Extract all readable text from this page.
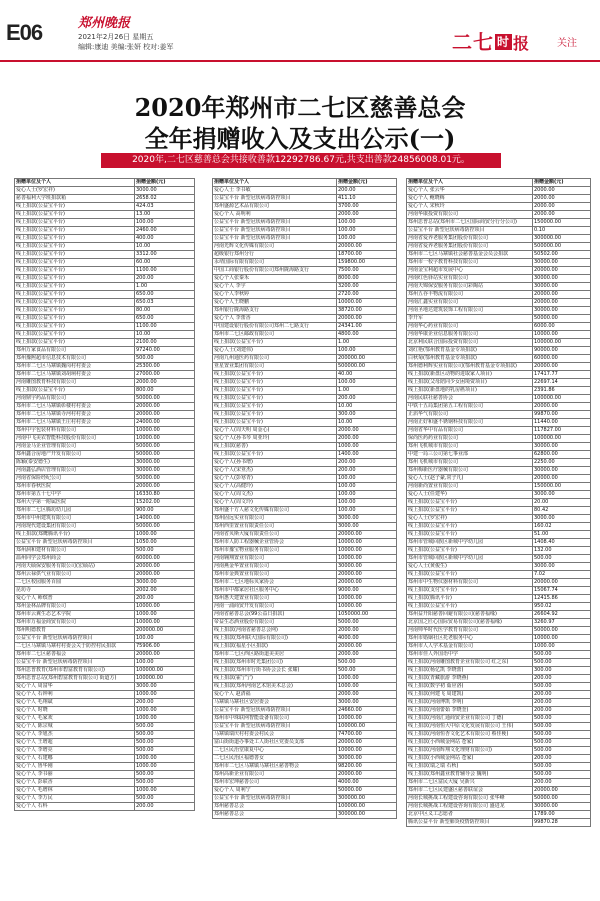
E06	郑州晚报
2021年2月26日 星期五
编辑:康迪 美编:张妍 校对:姜军	二七 时 报	关注
2020年郑州市二七区慈善总会
全年捐赠收入及支出公示(一)
2020年,二七区慈善总会共接收善款12292786.67元,共支出善款24856008.01元。
捐赠单位及个人	捐赠金额(元)
爱心人士(罗宏祥)	3000.00
慈善福利大学班捐款箱	2658.02
线上捐款(公益宝平台)	424.03
线上捐款(公益宝平台)	13.00
线上捐款(公益宝平台)	100.00
线上捐款(公益宝平台)	2460.00
线上捐款(公益宝平台)	400.00
线上捐款(公益宝平台)	10.00
线上捐款(公益宝平台)	3312.00
线上捐款(公益宝平台)	60.00
线上捐款(公益宝平台)	1100.00
线上捐款(公益宝平台)	200.00
线上捐款(公益宝平台)	1.00
线上捐款(公益宝平台)	650.00
线上捐款(公益宝平台)	650.03
线上捐款(公益宝平台)	80.00
线上捐款(公益宝平台)	650.00
线上捐款(公益宝平台)	1100.00
线上捐款(公益宝平台)	10.00
线上捐款(公益宝平台)	2100.00
郑州万家食品有限公司	97240.00
郑州豫熙超市信息技术有限公司	500.00
郑州市二七区马寨镇魏岗村村委会	25300.00
郑州市二七区马寨镇刘胡垌村委会	27000.00
河南雕图教育科技有限公司	2000.00
线上捐款(公益宝平台)	800.00
河南鼎宇药品有限公司	50000.00
郑州市二七区马寨镇彰楼村村委会	20000.00
郑州市二七区马寨镇寺河村村委会	20000.00
郑州市二七区马寨镇王庄村村委会	24000.00
郑州中宇包装材料有限公司	10000.00
河南中飞美农智能科技股份有限公司	10000.00
河南金马企业管理有限公司	50000.00
郑州鑫合房地产开发有限公司	50000.00
陈颖(泰安德生)	30000.00
河南鑫弘酒店管理有限公司	30000.00
河南省保险经纪公司	50000.00
郑州市春秋医院	20000.00
郑州市第五十七中学	16330.80
郑州大学第一附属医院	15202.00
郑州市二七区腾坊幼儿园	900.00
郑州市中州建筑有限公司	14000.00
河南现代建设集团有限公司	50000.00
线上捐款(郑鹰腾讯平台)	1000.00
公益宝平台 新型冠状病毒防控项目	1050.00
郑州洞和建材有限公司	500.00
温州同学会郑州商会	60000.00
河南天硕保安服务有限公司(宏硕站)	20000.00
郑州云禄供气业有限公司	20000.00
二七区校园服务百圆	3000.00
昆坊寺	2002.00
爱心个人 师缤普	200.00
郑州金林品牌有限公司	10000.00
郑州市云翼生态艺术学院	1000.00
郑州市万福金商贸有限公司	10000.00
郑州明德教育	200000.00
公益宝平台 新型冠状病毒防控项目	100.00
二七区马寨镇马寨村村委会关于防控村民捐款	75906.00
郑州市二七区慈善福会	20000.00
公益宝平台 新型冠状病毒防控项目	100.00
郑州思普教育(郑州市碧富教育有限公司)	100000.00
郑州思普总站(郑州碧富教育有限公司 街道方)	100000.00
爱心个人 周富华	3000.00
爱心个人 石钟利	1000.00
爱心个人 毛翔斌	200.00
爱心个人 时晓	1000.00
爱心个人 毛家欢	1000.00
爱心个人 陈宗城	500.00
爱心个人 李旭杰	500.00
爱心个人 王增超	500.00
爱心个人 李增亮	500.00
爱心个人 石建娜	1000.00
爱心个人 鲁华刚	1000.00
爱心个人 李书丽	500.00
爱心个人 彭联香	500.00
爱心个人 毛增林	1000.00
爱心个人 李万民	500.00
爱心个人 石科	200.00
捐赠单位及个人	捐赠金额(元)
爱心人士 李书敏	200.00
公益宝平台 新型冠状病毒防控项目	411.10
郑州盛源艺术品有限公司	3700.00
爱心个人 高明利	2000.00
公益宝平台 新型冠状病毒防控项目	100.00
公益宝平台 新型冠状病毒防控项目	100.00
公益宝平台 新型冠状病毒防控项目	100.00
河南光辉文化传媒有限公司	20000.00
超级银行郑州分行	18700.00
永靖国际有限有限公司	159800.00
中国工商银行股份有限公司郑州陇海路支行	7500.00
爱心个人张秦禾	8000.00
爱心个人 李宇	3200.00
爱心个人李秋婷	2720.00
爱心个人王晓鹏	10000.00
郑州银行陇海路支行	38720.00
爱心个人 李蕾香	20000.00
中国建设银行股份有限公司郑州二七路支行	24341.00
郑州市二七区邮政有限公司	4800.00
线上捐款(公益宝平台)	1.00
爱心人士(刘建伟)	100.00
河南九州通医药有限公司	200000.00
亚星置业集团有限公司	500000.00
线上捐款(公益宝平台)	40.00
线上捐款(公益宝平台)	100.00
线上捐款(公益宝平台)	1.00
线上捐款(公益宝平台)	200.00
线上捐款(公益宝平台)	10.00
线上捐款(公益宝平台)	300.00
线上捐款(公益宝平台)	10.00
爱心个人(周天明 周金心)	2000.00
爱心个人(孙书琴 周亚玲)	2000.00
线上捐款(慈善)	1000.00
线上捐款(公益宝平台)	1400.00
爱心个人(孙书增)	200.00
爱心个人(宋亚杰)	200.00
爱心个人(彭寒青)	100.00
爱心个人(高健玲)	100.00
爱心个人(周文杰)	100.00
爱心个人(周文玲)	100.00
郑州盛十方人慈文化传媒有限公司	100.00
郑州固远实业有限公司	3000.00
郑州西里置业有限责任公司	3000.00
河南省贝斯大厦有限责任公司	20000.00
郑州市人防工程器械企业管协会	10000.00
郑州市豫宝物业服务有限公司	10000.00
河南翱翔置业有限公司	10000.00
河南燕金华置业有限公司	30000.00
郑州市金典置业有限公司	20000.00
郑州市二七区地标贝家协会	20000.00
郑州市中都家居社区服务中心	9000.00
郑州惠天建置业有限公司	10000.00
河南一浦商贸开发有限公司	10000.00
河南省慈善总会(99公益日捐款)	1050000.00
帝益生态酒业股份有限公司	5000.00
线上捐款(河南省慈善总会网)	2000.00
线上捐款(郑州联大国际有限公司)	4000.00
线上捐款(福星小区捐款)	20000.00
郑州市二七区西区路街道美美居	2000.00
线上捐款(郑州市时光集团公司)	500.00
线上捐款(郑州市行街书协会会长 张耀)	500.00
线上捐款(霍宁宁)	1000.00
线上捐款(郑州河南艺术馆美术总会)	1000.00
爱心个人 赵清福	2000.00
马寨镇马寨社区安居委会	3000.00
公益宝平台 新型冠状病毒防控项目	24660.00
郑州市中珠联网智能设备有限公司	10000.00
公益宝平台 新型冠状病毒防控项目	100000.00
马寨镇瑞庆村村委会村民会	74700.00
富山街街道办事处工人街社区党委员支部	20000.00
二七区民治堂康复中心	10000.00
二七区民治区福德善女	30000.00
郑州市二七区马寨镇马寨社区慈善物会	98200.00
郑州高新企业有限公司	20000.00
郑州市宏坤慈善公司	4000.00
爱心个人 周利宁	50000.00
公益宝平台 新型冠状病毒防控项目	300000.00
郑州慈善总会	100000.00
郑州慈善总会	300000.00
捐赠单位及个人	捐赠金额(元)
爱心个人 张云华	2000.00
爱心个人 鲍晓梅	2000.00
爱心个人 宋秋玲	2000.00
河南华康投资有限公司	2000.00
郑州思普总站(郑州市二七区国际商贸分行分公司)	150000.00
公益宝平台 新型冠状病毒防控项目	0.10
河南省爱养老服务集团股份有限公司	300000.00
河南省爱养老服务集团股份有限公司	500000.00
郑州市二七区马寨镇社会慈善基金会员会捐款	50502.00
郑州市一校字教育科技有限公司	30000.00
河南金宝利超市发展中心	20000.00
河南红色驿站实业有限公司	30000.00
河南天锦保安服务有限公司彩陶站	30000.00
郑州五谷丰物流有限公司	20000.00
河南汇鑫实业有限公司	20000.00
河南圣地达建筑装饰工程有限公司	30000.00
李开军	50000.00
河南华心药业有限公司	6000.00
河南华康企业信息服务有限公司	10000.00
北京利民联合国际投资有限公司	100000.00
刘红艳(鄂州教育基金专项捐款)	90000.00
白秋菊(鄂州教育基金专项捐款)	60000.00
郑州德利辉实业有限公司(鄂州教育基金专项捐款)	20000.00
线上捐款(新盘区动物的进取家人项目)	17417.77
线上捐款(父母陪同少女困境资项目)	22697.14
线上捐款(新盘地的乳房癌项目)	2391.86
河南民联社慈善协会	100000.00
中铁十五局集团第五工程有限公司	20000.00
正滔华气有限公司	99870.00
河南正好和盛不锈钢科技有限公司	11440.00
河南省华中有品有限公司	117827.00
保尚医药药业有限公司	100000.00
郑州飞机城市有限公司	30000.00
中建一局三公司第七事业部	62800.00
郑州飞机城市有限公司	2250.00
郑州梅新医疗器械有限公司	30000.00
爱心人士(赵子豪,常子凡)	20000.00
河南新尚置业有限公司	150000.00
爱心人士(任建华)	3000.00
线上捐款(公益宝平台)	20.00
线上捐款(公益宝平台)	80.42
爱心人士(罗宏祥)	3000.00
线上捐款(公益宝平台)	160.02
线上捐款(公益宝平台)	51.00
郑州市管城回族区新城中学幼儿园	1408.40
线上捐款(公益宝平台)	132.00
郑州市管城回族区新城中学幼儿园	500.00
爱心人士(黄俊生)	3000.00
线上捐款(公益宝平台)	7.02
郑州市中生物仪器材料有限公司	20000.00
线上捐款(支付宝平台)	15067.74
线上捐款(腾讯平台)	12415.86
线上捐款(公益宝平台)	950.02
郑州益开阳慈善回避有限公司(慈善福缘)	26604.92
北京国之匠心国际贸易有限公司(慈善福缘)	3260.97
河南帅华时代医学教育有限公司	50000.00
郑州市婚姻社区托老服务中心	10000.00
郑州市人人学术基金有限公司	1000.00
郑州市佳人外国语中学	500.00
线上捐款(河南雕图教育企业有限公司 红之东)	500.00
线上捐款(杨亿凯 李晓蕾)	300.00
线上捐款(青藏旅游 李晓燕)	200.00
线上捐款(数学初 茹应洛)	500.00
线上捐款(何建飞 周建凯)	200.00
线上捐款(河南博凯 李明)	200.00
线上捐款(河南蕾茹 李晓奎)	200.00
线上捐款(河南汇通商贸企业有限公司 丁德)	500.00
线上捐款(河南恒大中原文化发展有限公司 王伟)	500.00
线上捐款(河南恒杏文化艺术有限公司 蔡佳梗)	500.00
线上捐款(小西城金网站 苍家)	500.00
线上捐款(河南辉翔文化理财有限公司)	500.00
线上捐款(小西城金网站 苍家)	200.00
线上捐款(瑞之瑞 石秋)	500.00
线上捐款(郑州鑫业教育辅导会 魏明)	500.00
郑州市二七区富民大厦 吴新兴	200.00
郑州市二七区民建盛区慈善联谊会	20000.00
河南长城挑战工程建设咨询有限公司 张华峰	50000.00
河南长城挑战工程建设咨询有限公司 盛进龙	30000.00
北京中区义工志愿者	1789.00
腾讯公益平台 新型肺炎疫情防控项目	99870.28
